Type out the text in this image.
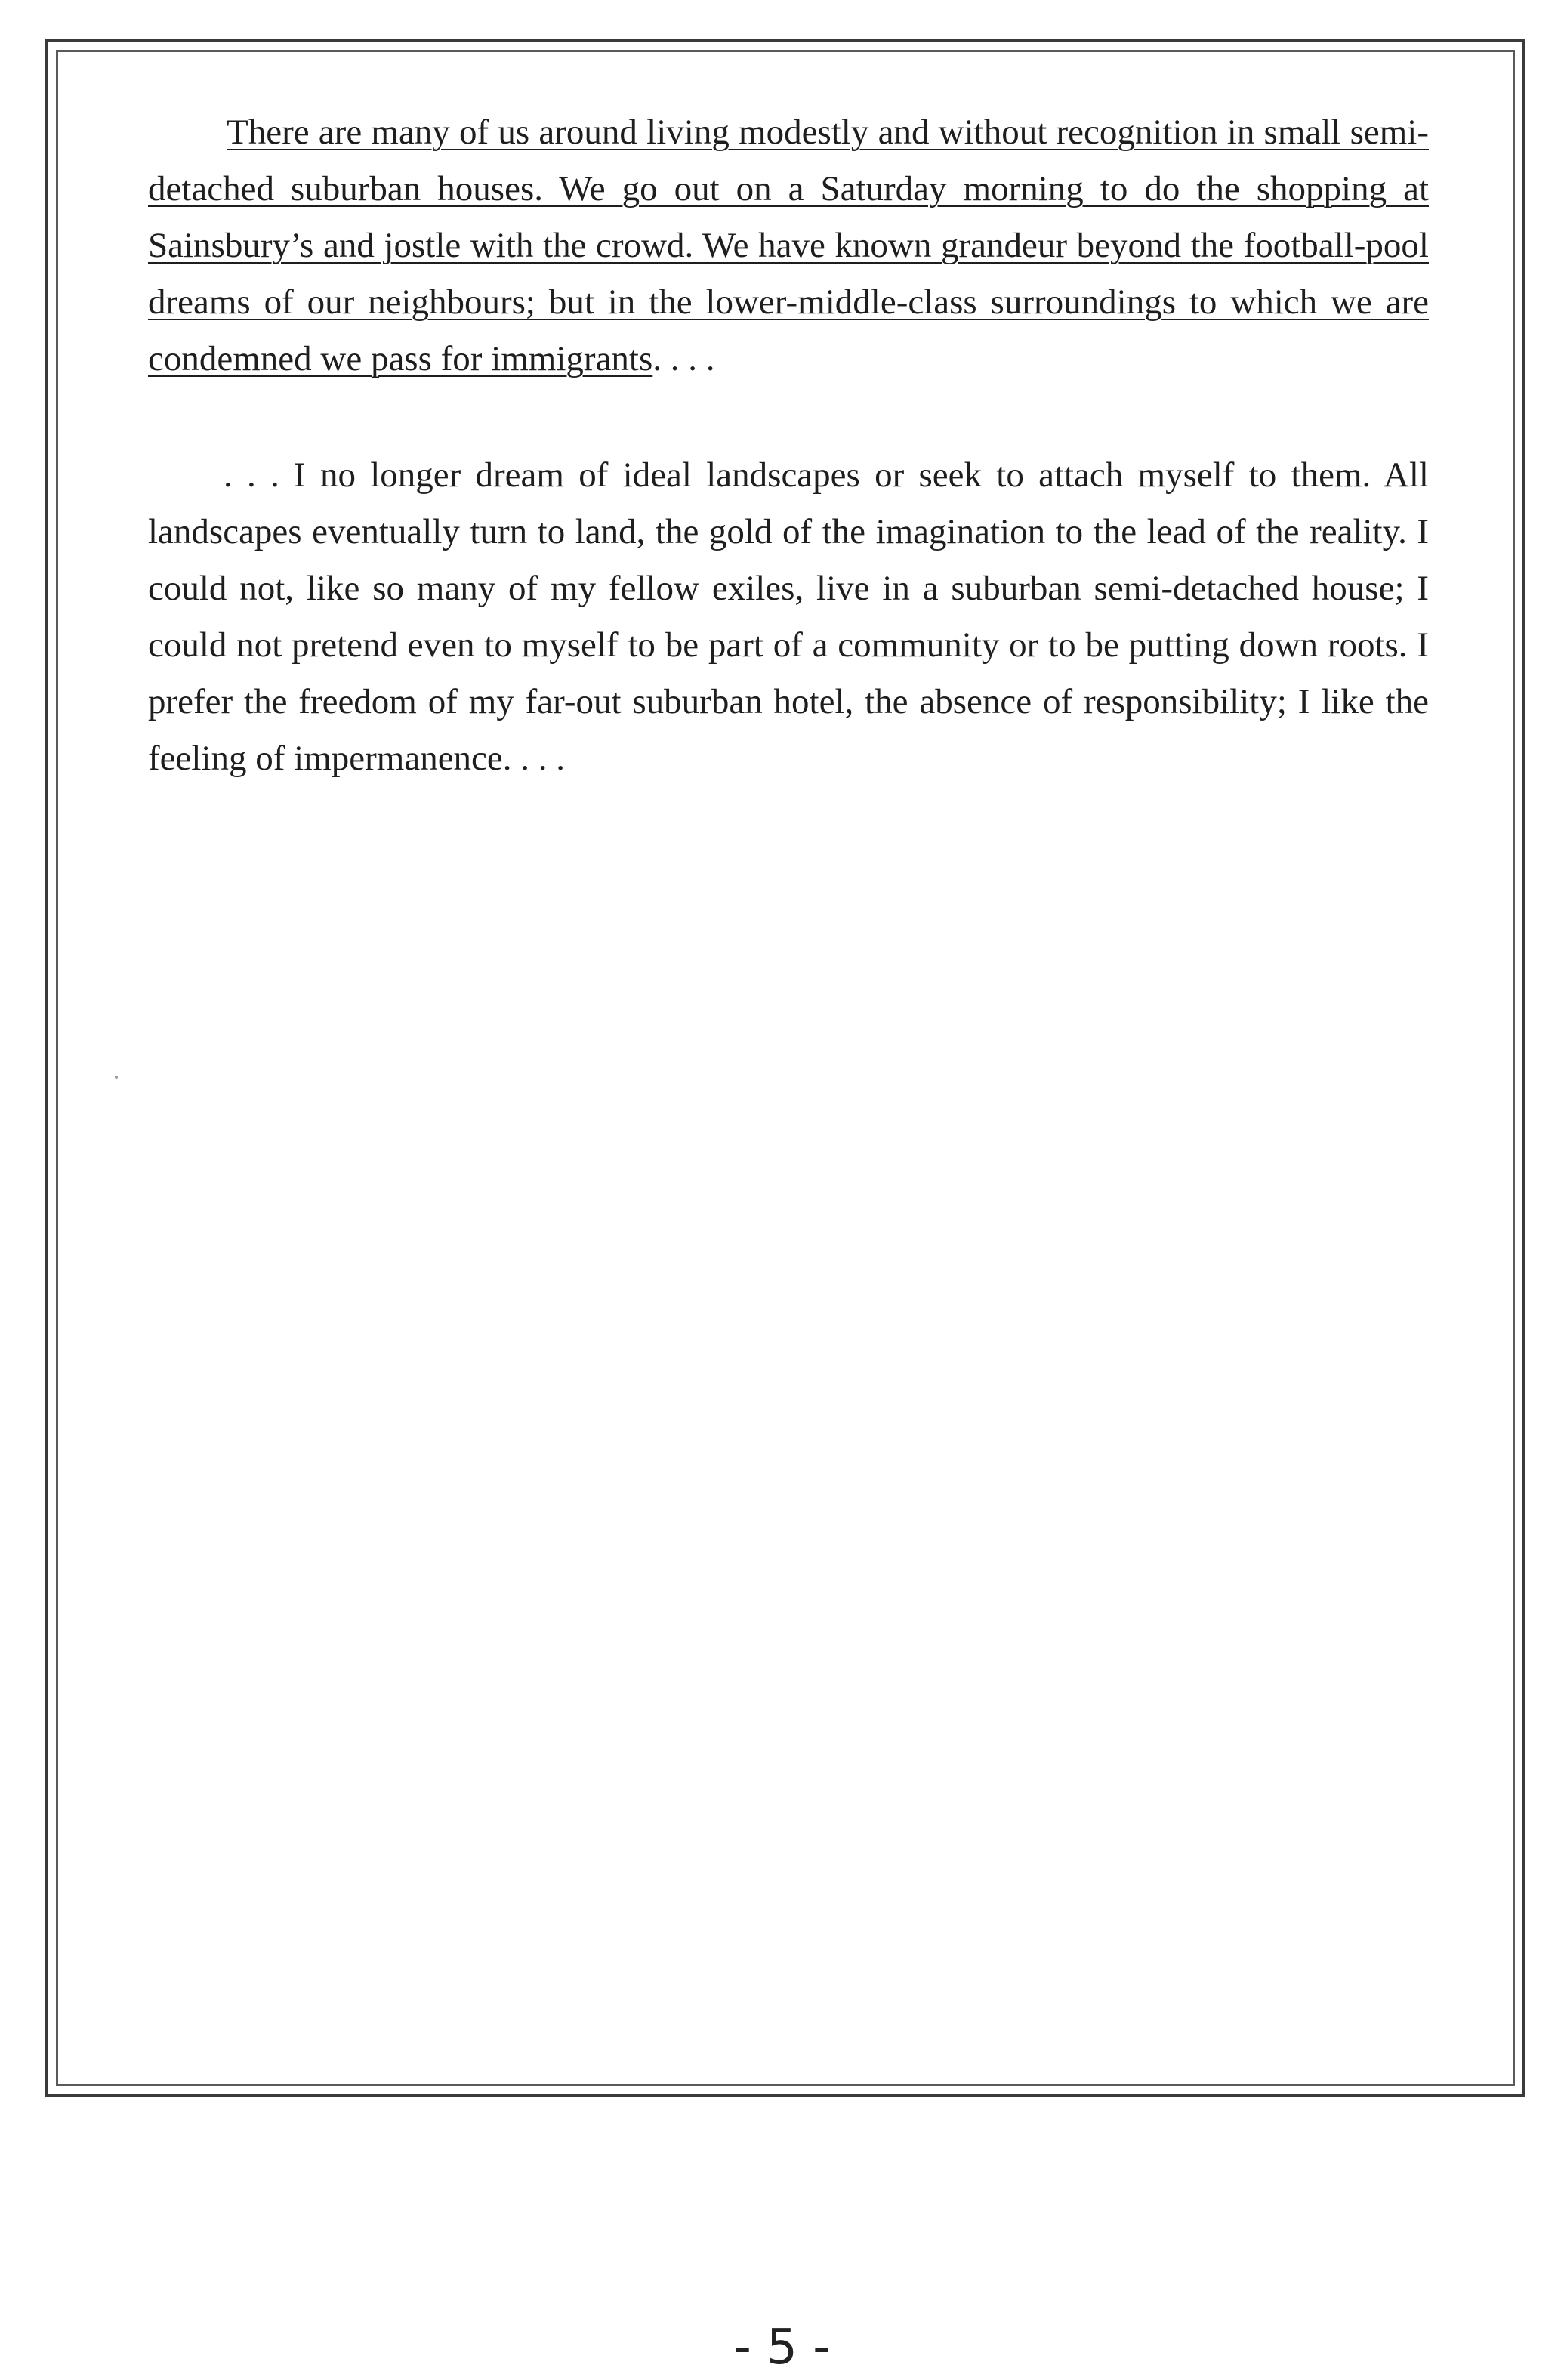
There are many of us around living modestly and without recognition in small semi-detached suburban houses. We go out on a Saturday morning to do the shopping at Sainsbury’s and jostle with the crowd. We have known grandeur beyond the football-pool dreams of our neighbours; but in the lower-middle-class surroundings to which we are condemned we pass for immigrants. . . .

. . . I no longer dream of ideal landscapes or seek to attach myself to them. All landscapes eventually turn to land, the gold of the imagination to the lead of the reality. I could not, like so many of my fellow exiles, live in a suburban semi-detached house; I could not pretend even to myself to be part of a community or to be putting down roots. I prefer the freedom of my far-out suburban hotel, the absence of responsibility; I like the feeling of impermanence. . . .

- 5 -
